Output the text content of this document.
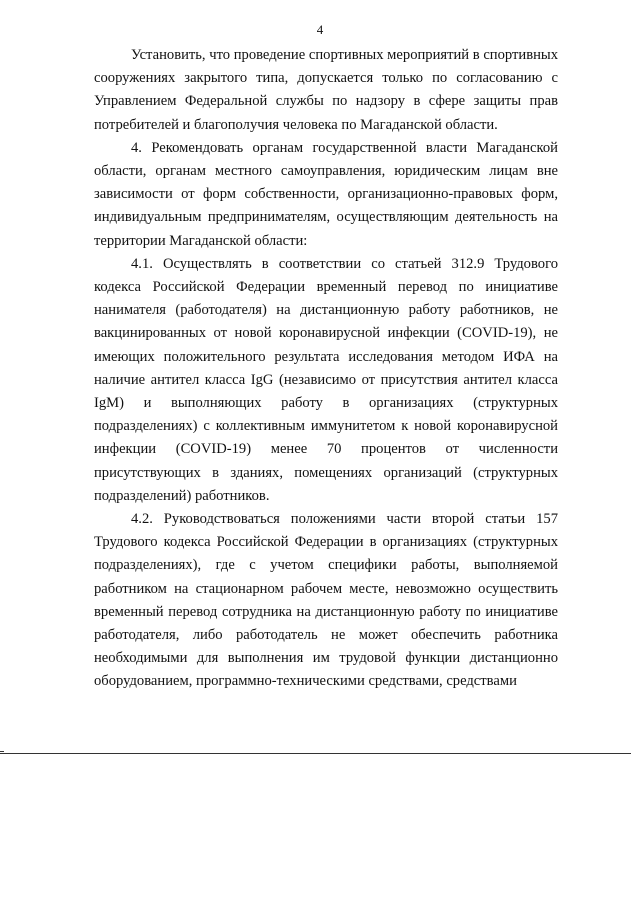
4

Установить, что проведение спортивных мероприятий в спортивных сооружениях закрытого типа, допускается только по согласованию с Управлением Федеральной службы по надзору в сфере защиты прав потребителей и благополучия человека по Магаданской области.

4. Рекомендовать органам государственной власти Магаданской области, органам местного самоуправления, юридическим лицам вне зависимости от форм собственности, организационно-правовых форм, индивидуальным предпринимателям, осуществляющим деятельность на территории Магаданской области:

4.1. Осуществлять в соответствии со статьей 312.9 Трудового кодекса Российской Федерации временный перевод по инициативе нанимателя (работодателя) на дистанционную работу работников, не вакцинированных от новой коронавирусной инфекции (COVID-19), не имеющих положительного результата исследования методом ИФА на наличие антител класса IgG (независимо от присутствия антител класса IgM) и выполняющих работу в организациях (структурных подразделениях) с коллективным иммунитетом к новой коронавирусной инфекции (COVID-19) менее 70 процентов от численности присутствующих в зданиях, помещениях организаций (структурных подразделений) работников.

4.2. Руководствоваться положениями части второй статьи 157 Трудового кодекса Российской Федерации в организациях (структурных подразделениях), где с учетом специфики работы, выполняемой работником на стационарном рабочем месте, невозможно осуществить временный перевод сотрудника на дистанционную работу по инициативе работодателя, либо работодатель не может обеспечить работника необходимыми для выполнения им трудовой функции дистанционно оборудованием, программно-техническими средствами, средствами
